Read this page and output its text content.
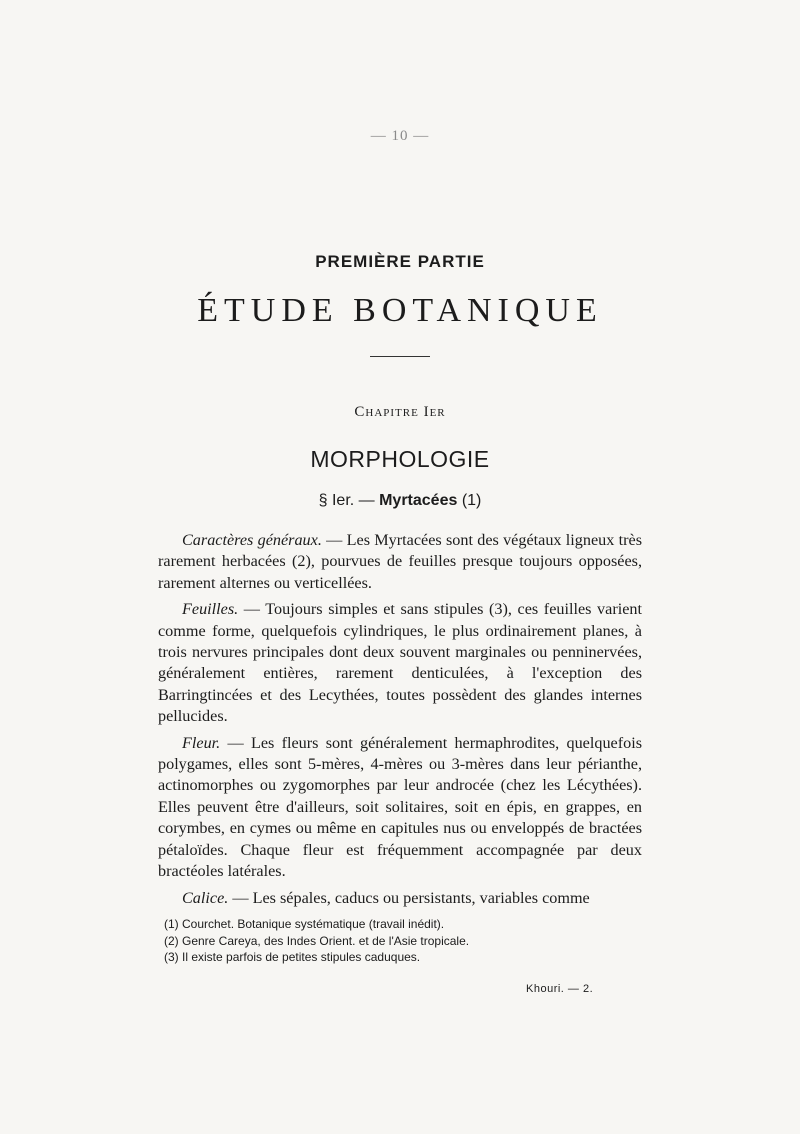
— 10 —
PREMIÈRE PARTIE
ÉTUDE BOTANIQUE
Chapitre Ier
MORPHOLOGIE
§ Ier. — Myrtacées (1)

Caractères généraux. — Les Myrtacées sont des végétaux ligneux très rarement herbacées (2), pourvues de feuilles presque toujours opposées, rarement alternes ou verticellées.

Feuilles. — Toujours simples et sans stipules (3), ces feuilles varient comme forme, quelquefois cylindriques, le plus ordinairement planes, à trois nervures principales dont deux souvent marginales ou penninervées, généralement entières, rarement denticulées, à l'exception des Barringtincées et des Lecythées, toutes possèdent des glandes internes pellucides.

Fleur. — Les fleurs sont généralement hermaphrodites, quelquefois polygames, elles sont 5-mères, 4-mères ou 3-mères dans leur périanthe, actinomorphes ou zygomorphes par leur androcée (chez les Lécythées). Elles peuvent être d'ailleurs, soit solitaires, soit en épis, en grappes, en corymbes, en cymes ou même en capitules nus ou enveloppés de bractées pétaloïdes. Chaque fleur est fréquemment accompagnée par deux bractéoles latérales.

Calice. — Les sépales, caducs ou persistants, variables comme

(1) Courchet. Botanique systématique (travail inédit).
(2) Genre Careya, des Indes Orient. et de l'Asie tropicale.
(3) Il existe parfois de petites stipules caduques.
Khouri. — 2.
